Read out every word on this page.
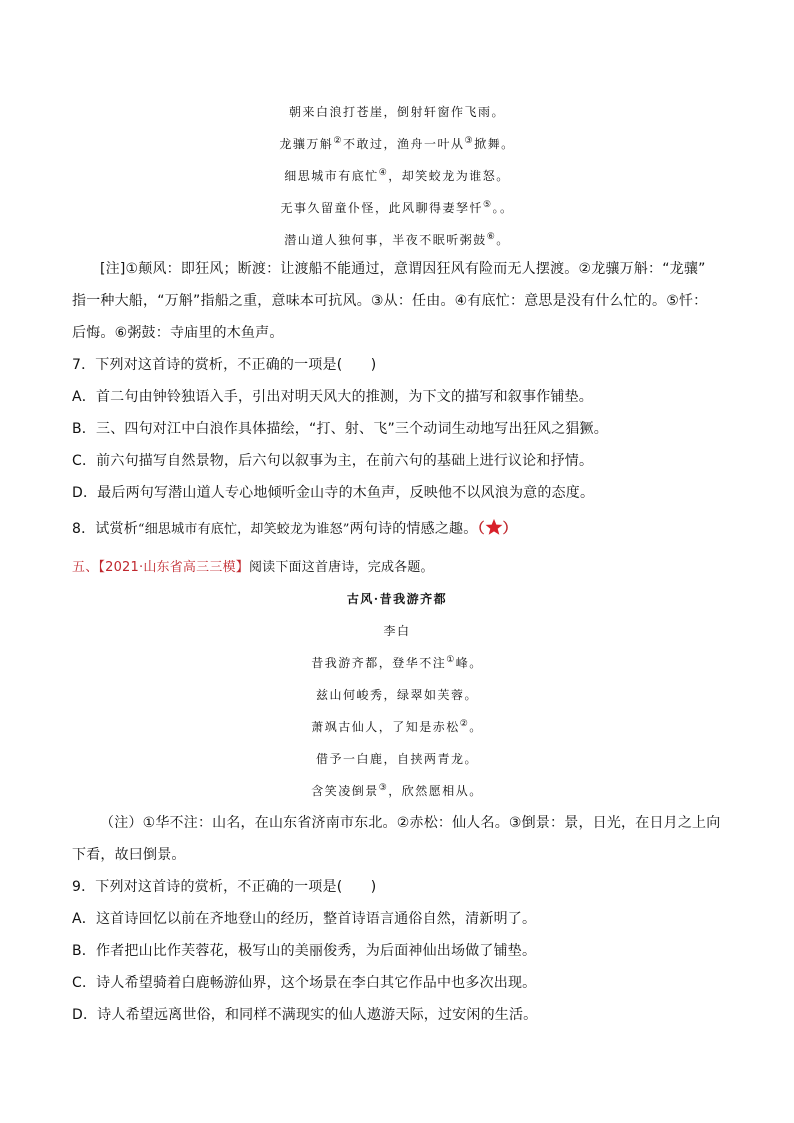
朝来白浪打苍崖，倒射轩窗作飞雨。
龙骧万斛②不敢过，渔舟一叶从③掀舞。
细思城市有底忙④，却笑蛟龙为谁怒。
无事久留童仆怪，此风聊得妻孥忏⑤。。
潜山道人独何事，半夜不眠听粥鼓⑥。
[注]①颠风：即狂风；断渡：让渡船不能通过，意谓因狂风有险而无人摆渡。②龙骧万斛：“龙骧”
指一种大船，“万斛”指船之重，意味本可抗风。③从：任由。④有底忙：意思是没有什么忙的。⑤忏：
后悔。⑥粥鼓：寺庙里的木鱼声。
7．下列对这首诗的赏析，不正确的一项是(　　)
A．首二句由钟铃独语入手，引出对明天风大的推测，为下文的描写和叙事作铺垫。
B．三、四句对江中白浪作具体描绘，“打、射、飞”三个动词生动地写出狂风之猖獗。
C．前六句描写自然景物，后六句以叙事为主，在前六句的基础上进行议论和抒情。
D．最后两句写潜山道人专心地倾听金山寺的木鱼声，反映他不以风浪为意的态度。
8．试赏析“细思城市有底忙，却笑蛟龙为谁怒”两句诗的情感之趣。（ ）
五、【2021·山东省高三三模】阅读下面这首唐诗，完成各题。
古风·昔我游齐都
李白
昔我游齐都，登华不注①峰。
兹山何峻秀，绿翠如芙蓉。
萧飒古仙人，了知是赤松②。
借予一白鹿，自挟两青龙。
含笑凌倒景③，欣然愿相从。
（注）①华不注：山名，在山东省济南市东北。②赤松：仙人名。③倒景：景，日光，在日月之上向
下看，故曰倒景。
9．下列对这首诗的赏析，不正确的一项是(　　)
A．这首诗回忆以前在齐地登山的经历，整首诗语言通俗自然，清新明了。
B．作者把山比作芙蓉花，极写山的美丽俊秀，为后面神仙出场做了铺垫。
C．诗人希望骑着白鹿畅游仙界，这个场景在李白其它作品中也多次出现。
D．诗人希望远离世俗，和同样不满现实的仙人遨游天际，过安闲的生活。
